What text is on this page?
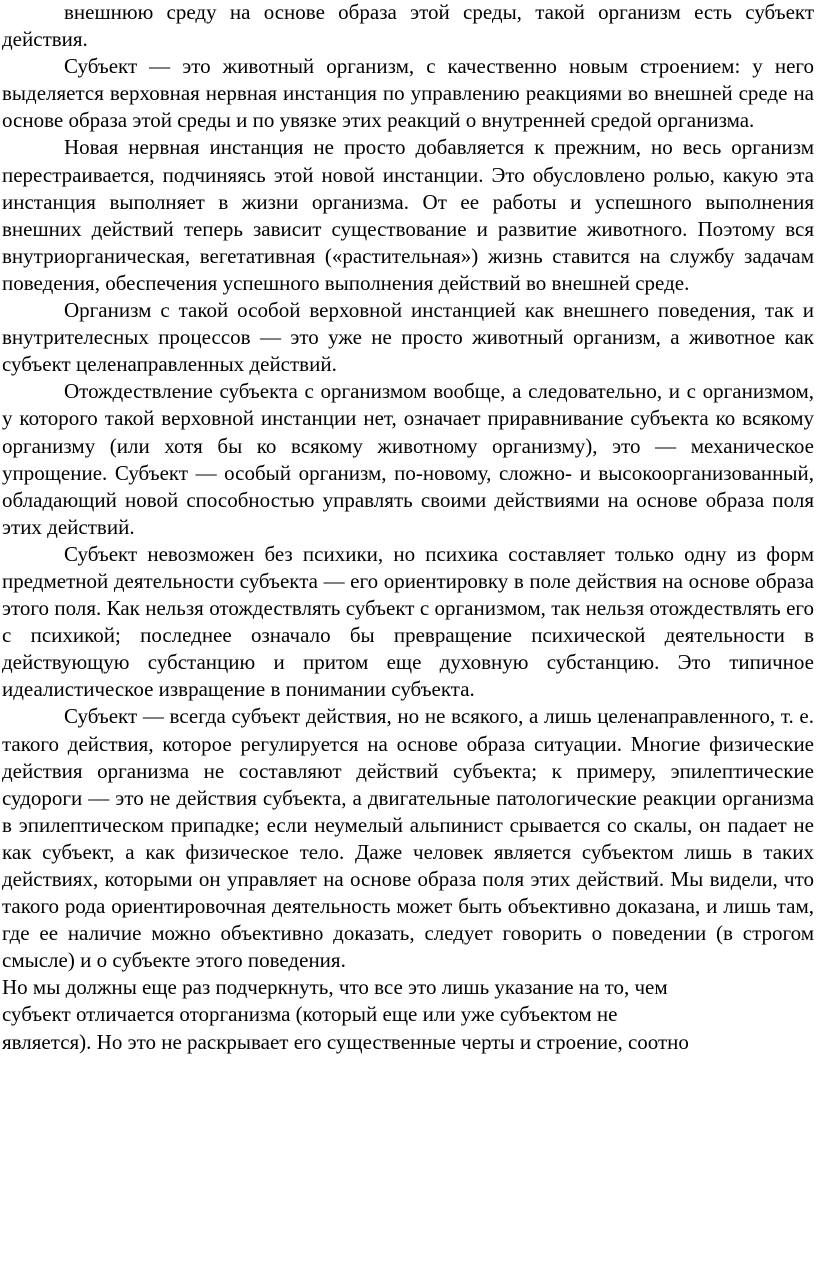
внешнюю среду на основе образа этой среды, такой организм есть субъект действия.

Субъект — это животный организм, с качественно новым строением: у него выделяется верховная нервная инстанция по управлению реакциями во внешней среде на основе образа этой среды и по увязке этих реакций о внутренней средой организма.

Новая нервная инстанция не просто добавляется к прежним, но весь организм перестраивается, подчиняясь этой новой инстанции. Это обусловлено ролью, какую эта инстанция выполняет в жизни организма. От ее работы и успешного выполнения внешних действий теперь зависит существование и развитие животного. Поэтому вся внутриорганическая, вегетативная («растительная») жизнь ставится на службу задачам поведения, обеспечения успешного выполнения действий во внешней среде.

Организм с такой особой верховной инстанцией как внешнего поведения, так и внутрителесных процессов — это уже не просто животный организм, а животное как субъект целенаправленных действий.

Отождествление субъекта с организмом вообще, а следовательно, и с организмом, у которого такой верховной инстанции нет, означает приравнивание субъекта ко всякому организму (или хотя бы ко всякому животному организму), это — механическое упрощение. Субъект — особый организм, по-новому, сложно- и высокоорганизованный, обладающий новой способностью управлять своими действиями на основе образа поля этих действий.

Субъект невозможен без психики, но психика составляет только одну из форм предметной деятельности субъекта — его ориентировку в поле действия на основе образа этого поля. Как нельзя отождествлять субъект с организмом, так нельзя отождествлять его с психикой; последнее означало бы превращение психической деятельности в действующую субстанцию и притом еще духовную субстанцию. Это типичное идеалистическое извращение в понимании субъекта.

Субъект — всегда субъект действия, но не всякого, а лишь целенаправленного, т. е. такого действия, которое регулируется на основе образа ситуации. Многие физические действия организма не составляют действий субъекта; к примеру, эпилептические судороги — это не действия субъекта, а двигательные патологические реакции организма в эпилептическом припадке; если неумелый альпинист срывается со скалы, он падает не как субъект, а как физическое тело. Даже человек является субъектом лишь в таких действиях, которыми он управляет на основе образа поля этих действий. Мы видели, что такого рода ориентировочная деятельность может быть объективно доказана, и лишь там, где ее наличие можно объективно доказать, следует говорить о поведении (в строгом смысле) и о субъекте этого поведения.

Но мы должны еще раз подчеркнуть, что все это лишь указание на то, чем

субъект отличается оторганизма (который еще или уже субъектом не

является). Но это не раскрывает его существенные черты и строение, соотно
